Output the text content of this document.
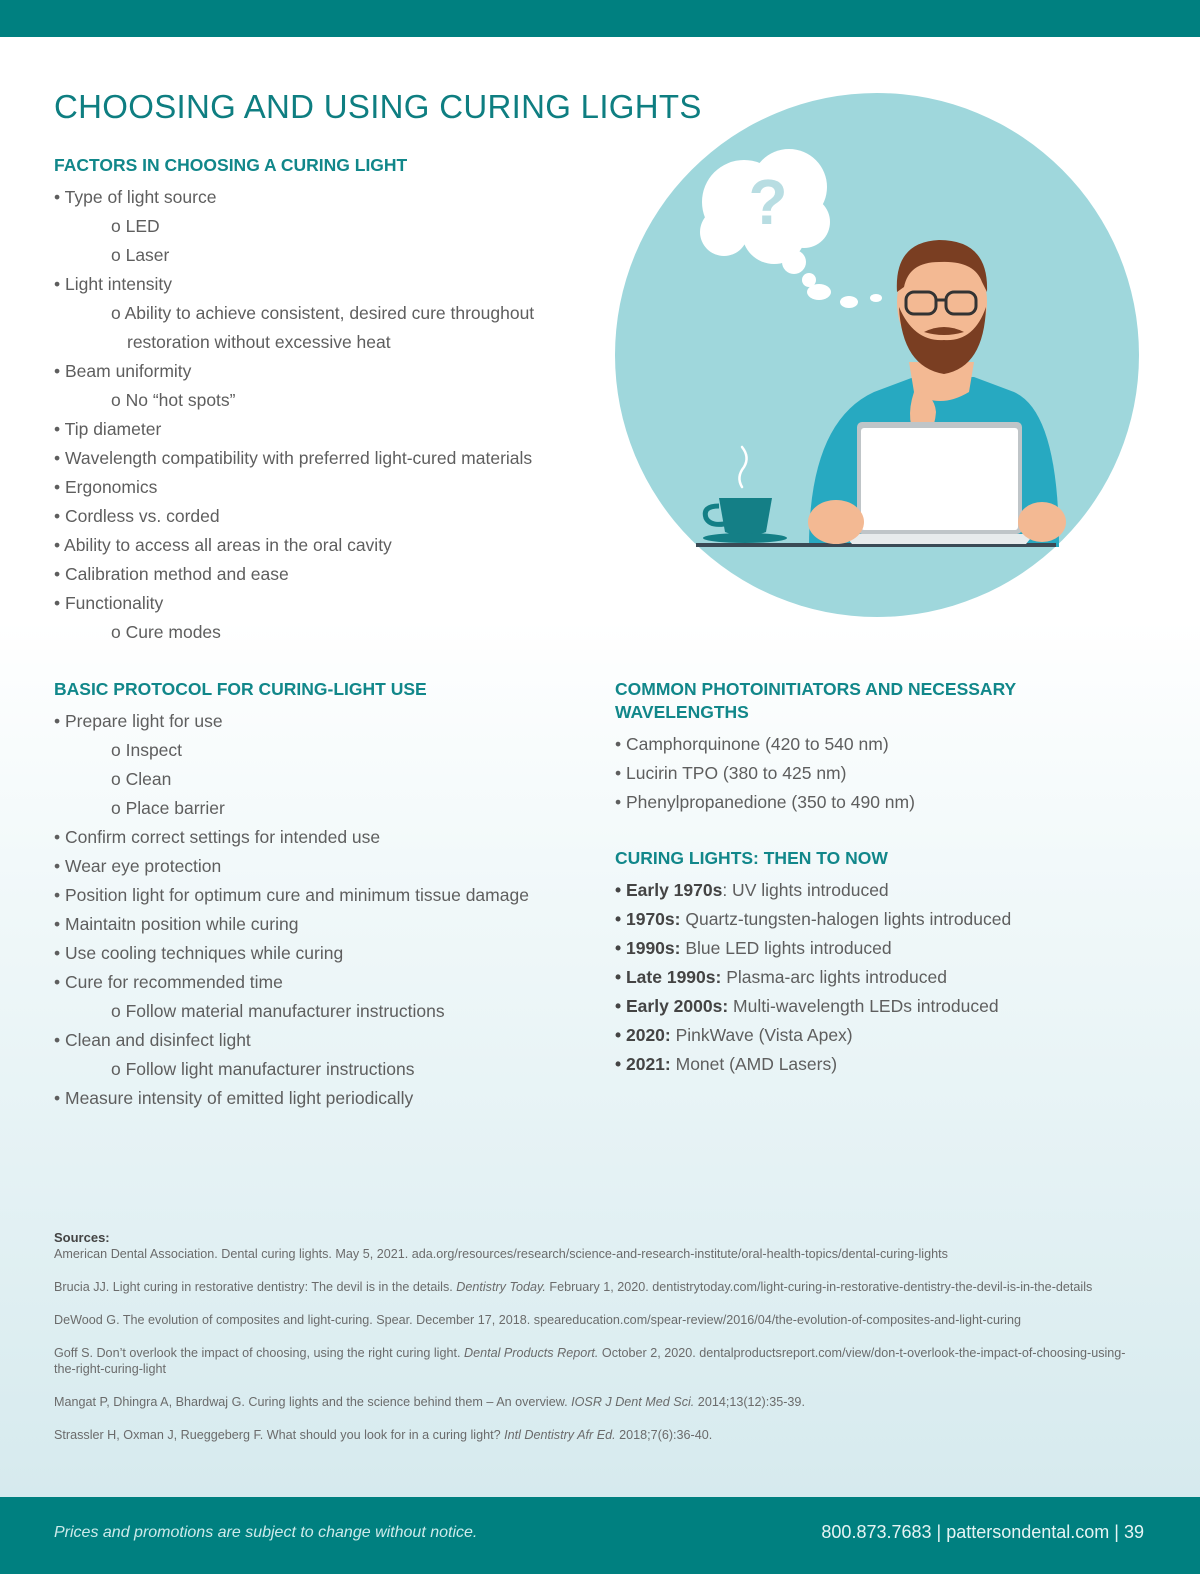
CHOOSING AND USING CURING LIGHTS
FACTORS IN CHOOSING A CURING LIGHT
• Type of light source
o LED
o Laser
• Light intensity
o Ability to achieve consistent, desired cure throughout
restoration without excessive heat
• Beam uniformity
o No “hot spots”
• Tip diameter
• Wavelength compatibility with preferred light-cured materials
• Ergonomics
• Cordless vs. corded
• Ability to access all areas in the oral cavity
• Calibration method and ease
• Functionality
o Cure modes
?
BASIC PROTOCOL FOR CURING-LIGHT USE
• Prepare light for use
o Inspect
o Clean
o Place barrier
• Confirm correct settings for intended use
• Wear eye protection
• Position light for optimum cure and minimum tissue damage
• Maintaitn position while curing
• Use cooling techniques while curing
• Cure for recommended time
o Follow material manufacturer instructions
• Clean and disinfect light
o Follow light manufacturer instructions
• Measure intensity of emitted light periodically
COMMON PHOTOINITIATORS AND NECESSARY
WAVELENGTHS
• Camphorquinone (420 to 540 nm)
• Lucirin TPO (380 to 425 nm)
• Phenylpropanedione (350 to 490 nm)
CURING LIGHTS: THEN TO NOW
• Early 1970s: UV lights introduced
• 1970s: Quartz-tungsten-halogen lights introduced
• 1990s: Blue LED lights introduced
• Late 1990s: Plasma-arc lights introduced
• Early 2000s: Multi-wavelength LEDs introduced
• 2020: PinkWave (Vista Apex)
• 2021: Monet (AMD Lasers)
Sources:

American Dental Association. Dental curing lights. May 5, 2021. ada.org/resources/research/science-and-research-institute/oral-health-topics/dental-curing-lights

Brucia JJ. Light curing in restorative dentistry: The devil is in the details. Dentistry Today. February 1, 2020. dentistrytoday.com/light-curing-in-restorative-dentistry-the-devil-is-in-the-details

DeWood G. The evolution of composites and light-curing. Spear. December 17, 2018. speareducation.com/spear-review/2016/04/the-evolution-of-composites-and-light-curing

Goff S. Don’t overlook the impact of choosing, using the right curing light. Dental Products Report. October 2, 2020. dentalproductsreport.com/view/don-t-overlook-the-impact-of-choosing-using-the-right-curing-light

Mangat P, Dhingra A, Bhardwaj G. Curing lights and the science behind them – An overview. IOSR J Dent Med Sci. 2014;13(12):35-39.

Strassler H, Oxman J, Rueggeberg F. What should you look for in a curing light? Intl Dentistry Afr Ed. 2018;7(6):36-40.

Prices and promotions are subject to change without notice.	800.873.7683 | pattersondental.com | 39
